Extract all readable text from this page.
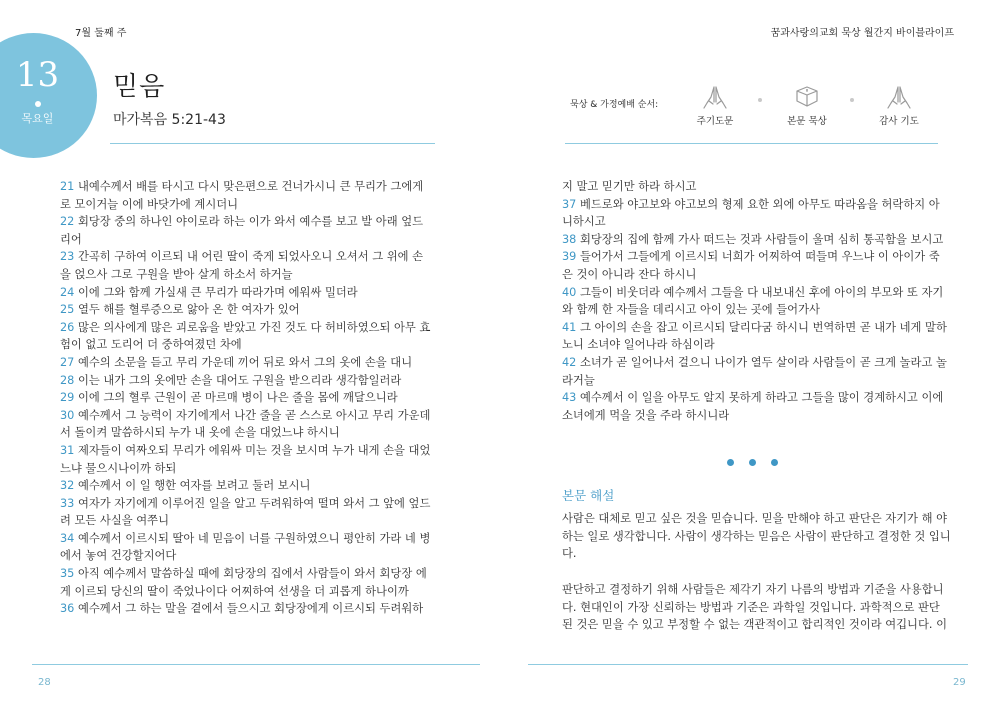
7월 둘째 주	꿈과사랑의교회 묵상 월간지 바이블라이프
13
목요일
믿음
마가복음 5:21-43
묵상 & 가정예배 순서:
주기도문	본문 묵상	감사 기도
21 내예수께서 배를 타시고 다시 맞은편으로 건너가시니 큰 무리가 그에게 로 모이거늘 이에 바닷가에 계시더니
22 회당장 중의 하나인 야이로라 하는 이가 와서 예수를 보고 발 아래 엎드 리어
23 간곡히 구하여 이르되 내 어린 딸이 죽게 되었사오니 오셔서 그 위에 손 을 얹으사 그로 구원을 받아 살게 하소서 하거늘
24 이에 그와 함께 가실새 큰 무리가 따라가며 에워싸 밀더라
25 열두 해를 혈루증으로 앓아 온 한 여자가 있어
26 많은 의사에게 많은 괴로움을 받았고 가진 것도 다 허비하였으되 아무 효 험이 없고 도리어 더 중하여졌던 차에
27 예수의 소문을 듣고 무리 가운데 끼어 뒤로 와서 그의 옷에 손을 대니
28 이는 내가 그의 옷에만 손을 대어도 구원을 받으리라 생각함일러라
29 이에 그의 혈루 근원이 곧 마르매 병이 나은 줄을 몸에 깨달으니라
30 예수께서 그 능력이 자기에게서 나간 줄을 곧 스스로 아시고 무리 가운데 서 돌이켜 말씀하시되 누가 내 옷에 손을 대었느냐 하시니
31 제자들이 여짜오되 무리가 에워싸 미는 것을 보시며 누가 내게 손을 대었 느냐 물으시나이까 하되
32 예수께서 이 일 행한 여자를 보려고 둘러 보시니
33 여자가 자기에게 이루어진 일을 알고 두려워하여 떨며 와서 그 앞에 엎드 려 모든 사실을 여쭈니
34 예수께서 이르시되 딸아 네 믿음이 너를 구원하였으니 평안히 가라 네 병 에서 놓여 건강할지어다
35 아직 예수께서 말씀하실 때에 회당장의 집에서 사람들이 와서 회당장 에게 이르되 당신의 딸이 죽었나이다 어찌하여 선생을 더 괴롭게 하나이까
36 예수께서 그 하는 말을 곁에서 들으시고 회당장에게 이르시되 두려워하
지 말고 믿기만 하라 하시고
37 베드로와 야고보와 야고보의 형제 요한 외에 아무도 따라옴을 허락하지 아 니하시고
38 회당장의 집에 함께 가사 떠드는 것과 사람들이 울며 심히 통곡함을 보시고
39 들어가서 그들에게 이르시되 너희가 어찌하여 떠들며 우느냐 이 아이가 죽 은 것이 아니라 잔다 하시니
40 그들이 비웃더라 예수께서 그들을 다 내보내신 후에 아이의 부모와 또 자기 와 함께 한 자들을 데리시고 아이 있는 곳에 들어가사
41 그 아이의 손을 잡고 이르시되 달리다굼 하시니 번역하면 곧 내가 네게 말하 노니 소녀야 일어나라 하심이라
42 소녀가 곧 일어나서 걸으니 나이가 열두 살이라 사람들이 곧 크게 놀라고 놀라거늘
43 예수께서 이 일을 아무도 알지 못하게 하라고 그들을 많이 경계하시고 이에 소녀에게 먹을 것을 주라 하시니라
본문 해설
사람은 대체로 믿고 싶은 것을 믿습니다. 믿을 만해야 하고 판단은 자기가 해 야하는 일로 생각합니다. 사람이 생각하는 믿음은 사람이 판단하고 결정한 것 입니다.
판단하고 결정하기 위해 사람들은 제각기 자기 나름의 방법과 기준을 사용합니 다. 현대인이 가장 신뢰하는 방법과 기준은 과학일 것입니다. 과학적으로 판단 된 것은 믿을 수 있고 부정할 수 없는 객관적이고 합리적인 것이라 여깁니다. 이
28	29
